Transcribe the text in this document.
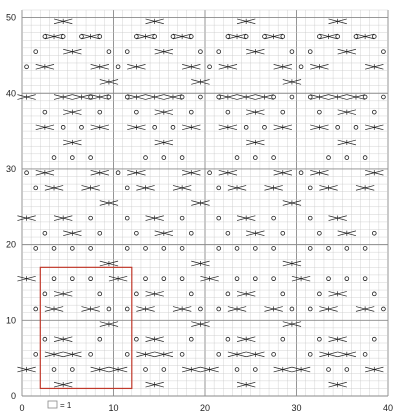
0	10	20	30	40
0
10
20
30
40
50
= 1
